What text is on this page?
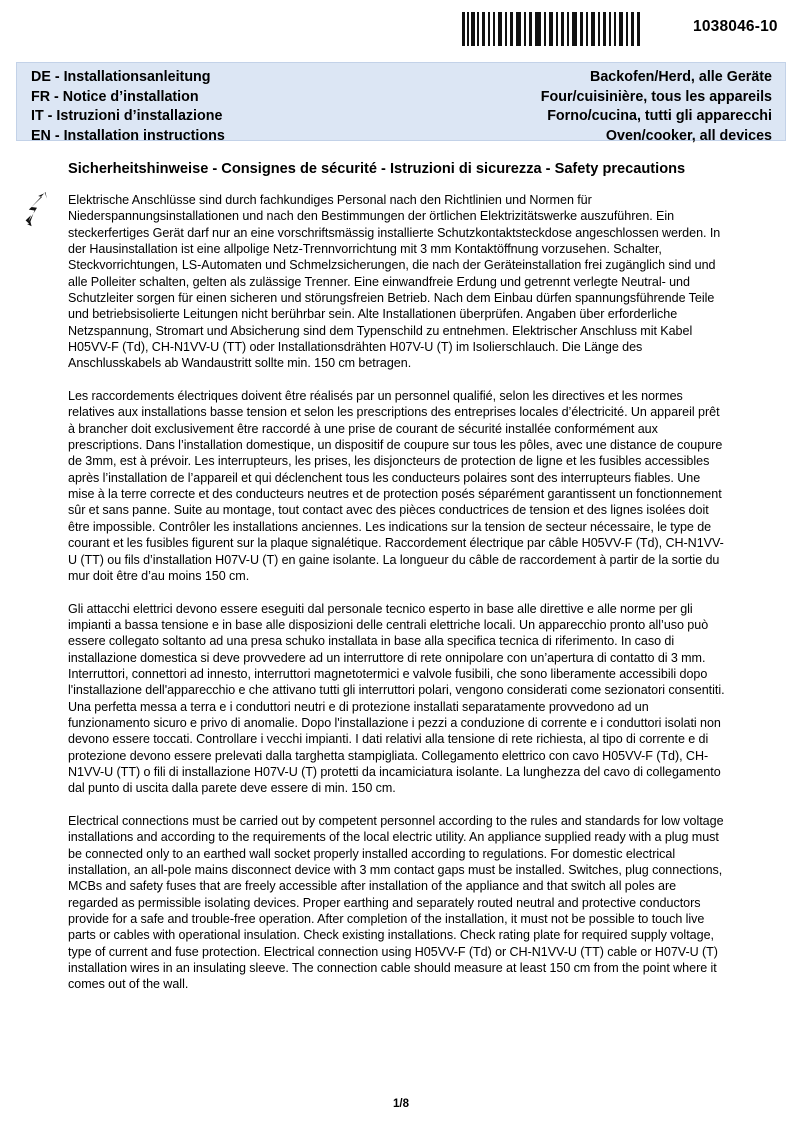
1038046-10
DE - Installationsanleitung	Backofen/Herd, alle Geräte
FR - Notice d’installation	Four/cuisinière, tous les appareils
IT - Istruzioni d’installazione	Forno/cucina, tutti gli apparecchi
EN - Installation instructions	Oven/cooker, all devices
Sicherheitshinweise - Consignes de sécurité - Istruzioni di sicurezza - Safety precautions

Elektrische Anschlüsse sind durch fachkundiges Personal nach den Richtlinien und Normen für Niederspannungsinstallationen und nach den Bestimmungen der örtlichen Elektrizitätswerke auszuführen. Ein steckerfertiges Gerät darf nur an eine vorschriftsmässig installierte Schutzkontaktsteckdose angeschlossen werden. In der Hausinstallation ist eine allpolige Netz-Trennvorrichtung mit 3 mm Kontaktöffnung vorzusehen. Schalter, Steckvorrichtungen, LS-Automaten und Schmelzsicherungen, die nach der Geräteinstallation frei zugänglich sind und alle Polleiter schalten, gelten als zulässige Trenner. Eine einwandfreie Erdung und getrennt verlegte Neutral- und Schutzleiter sorgen für einen sicheren und störungsfreien Betrieb. Nach dem Einbau dürfen spannungsführende Teile und betriebsisolierte Leitungen nicht berührbar sein. Alte Installationen überprüfen. Angaben über erforderliche Netzspannung, Stromart und Absicherung sind dem Typenschild zu entnehmen. Elektrischer Anschluss mit Kabel H05VV-F (Td), CH-N1VV-U (TT) oder Installationsdrähten H07V-U (T) im Isolierschlauch. Die Länge des Anschlusskabels ab Wandaustritt sollte min. 150 cm betragen.

Les raccordements électriques doivent être réalisés par un personnel qualifié, selon les directives et les normes relatives aux installations basse tension et selon les prescriptions des entreprises locales d’électricité. Un appareil prêt à brancher doit exclusivement être raccordé à une prise de courant de sécurité installée conformément aux prescriptions. Dans l’installation domestique, un dispositif de coupure sur tous les pôles, avec une distance de coupure de 3mm, est à prévoir. Les interrupteurs, les prises, les disjoncteurs de protection de ligne et les fusibles accessibles après l’installation de l’appareil et qui déclenchent tous les conducteurs polaires sont des interrupteurs fiables. Une mise à la terre correcte et des conducteurs neutres et de protection posés séparément garantissent un fonctionnement sûr et sans panne. Suite au montage, tout contact avec des pièces conductrices de tension et des lignes isolées doit être impossible. Contrôler les installations anciennes. Les indications sur la tension de secteur nécessaire, le type de courant et les fusibles figurent sur la plaque signalétique. Raccordement électrique par câble H05VV-F (Td), CH-N1VV-U (TT) ou fils d’installation H07V-U (T) en gaine isolante. La longueur du câble de raccordement à partir de la sortie du mur doit être d’au moins 150 cm.

Gli attacchi elettrici devono essere eseguiti dal personale tecnico esperto in base alle direttive e alle norme per gli impianti a bassa tensione e in base alle disposizioni delle centrali elettriche locali. Un apparecchio pronto all’uso può essere collegato soltanto ad una presa schuko installata in base alla specifica tecnica di riferimento. In caso di installazione domestica si deve provvedere ad un interruttore di rete onnipolare con un’apertura di contatto di 3 mm. Interruttori, connettori ad innesto, interruttori magnetotermici e valvole fusibili, che sono liberamente accessibili dopo l'installazione dell'apparecchio e che attivano tutti gli interruttori polari, vengono considerati come sezionatori consentiti. Una perfetta messa a terra e i conduttori neutri e di protezione installati separatamente provvedono ad un funzionamento sicuro e privo di anomalie. Dopo l'installazione i pezzi a conduzione di corrente e i conduttori isolati non devono essere toccati. Controllare i vecchi impianti. I dati relativi alla tensione di rete richiesta, al tipo di corrente e di protezione devono essere prelevati dalla targhetta stampigliata. Collegamento elettrico con cavo H05VV-F (Td), CH-N1VV-U (TT) o fili di installazione H07V-U (T) protetti da incamiciatura isolante. La lunghezza del cavo di collegamento dal punto di uscita dalla parete deve essere di min. 150 cm.

Electrical connections must be carried out by competent personnel according to the rules and standards for low voltage installations and according to the requirements of the local electric utility. An appliance supplied ready with a plug must be connected only to an earthed wall socket properly installed according to regulations. For domestic electrical installation, an all-pole mains disconnect device with 3 mm contact gaps must be installed. Switches, plug connections, MCBs and safety fuses that are freely accessible after installation of the appliance and that switch all poles are regarded as permissible isolating devices. Proper earthing and separately routed neutral and protective conductors provide for a safe and trouble-free operation. After completion of the installation, it must not be possible to touch live parts or cables with operational insulation. Check existing installations. Check rating plate for required supply voltage, type of current and fuse protection. Electrical connection using H05VV-F (Td) or CH-N1VV-U (TT) cable or H07V-U (T) installation wires in an insulating sleeve. The connection cable should measure at least 150 cm from the point where it comes out of the wall.

1/8
